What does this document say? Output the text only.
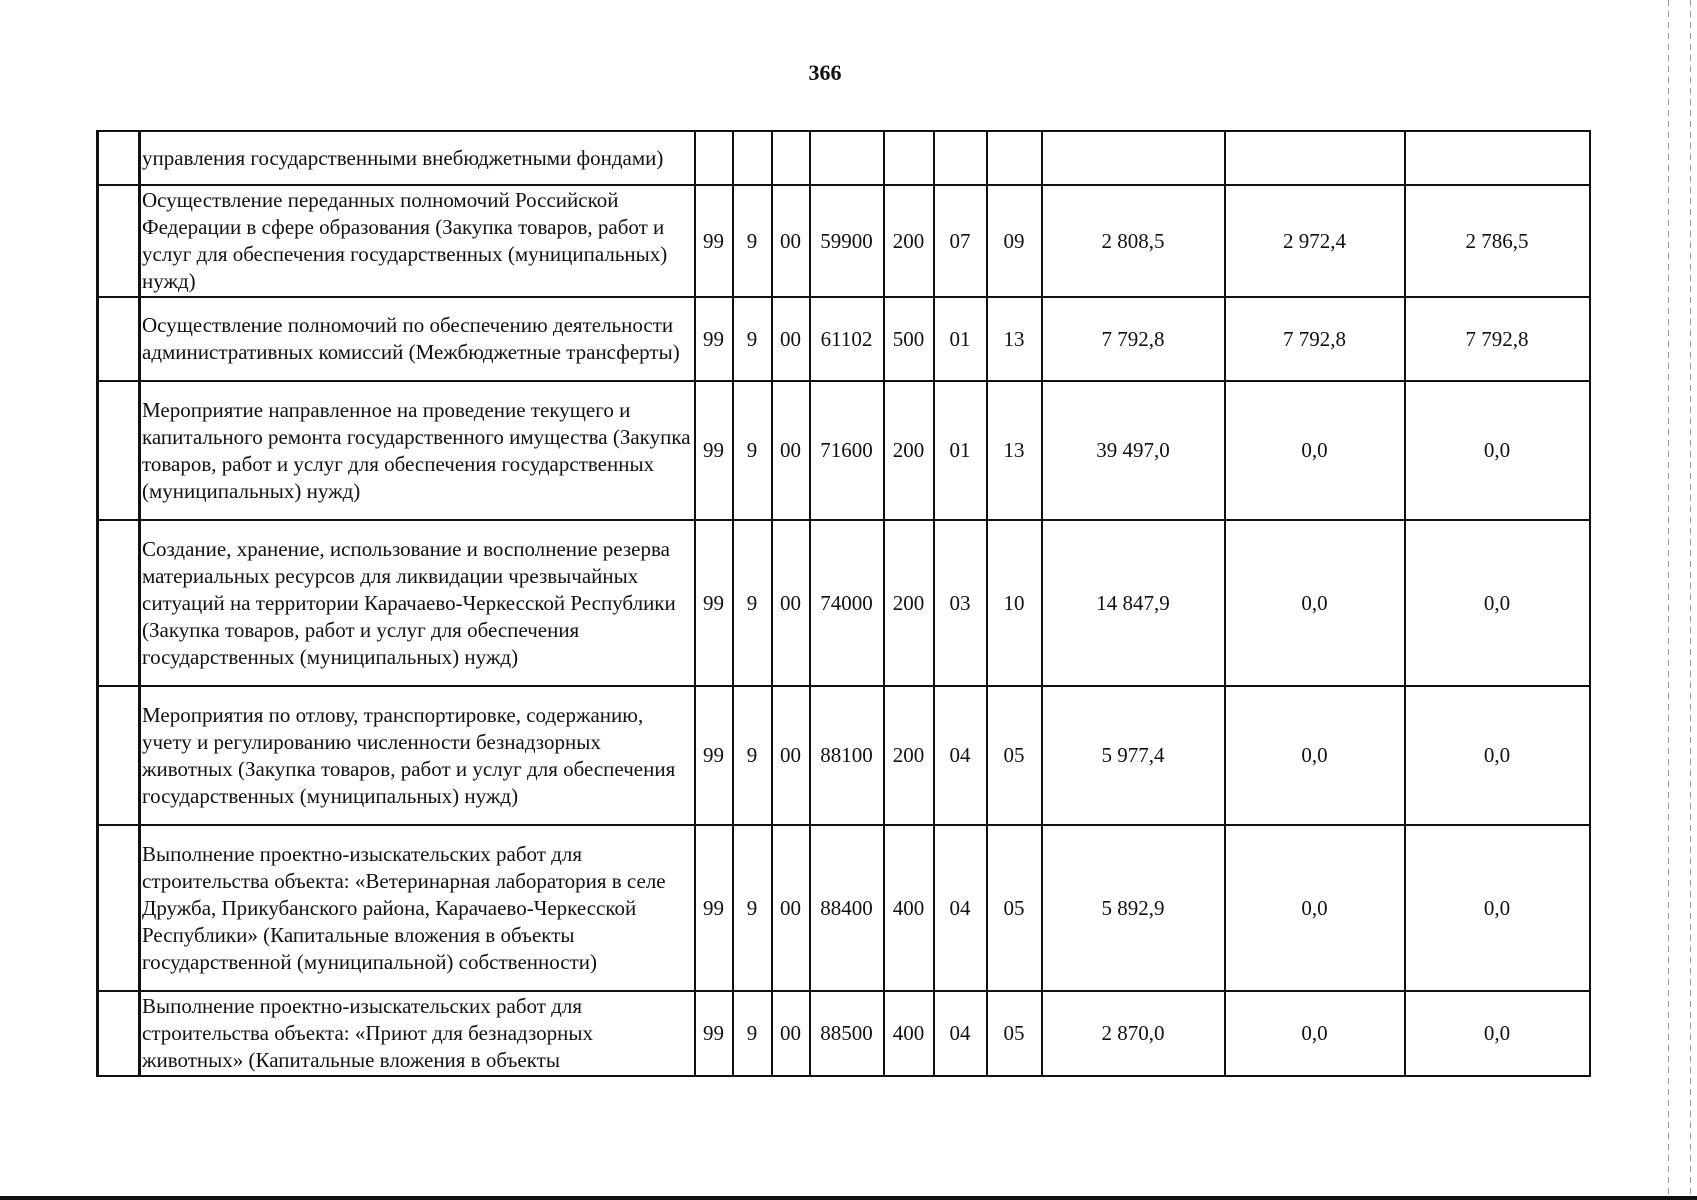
366
	управления государственными внебюджетными фондами)										
	Осуществление переданных полномочий Российской Федерации в сфере образования (Закупка товаров, работ и услуг для обеспечения государственных (муниципальных) нужд)	99	9	00	59900	200	07	09	2 808,5	2 972,4	2 786,5
	Осуществление полномочий по обеспечению деятельности административных комиссий (Межбюджетные трансферты)	99	9	00	61102	500	01	13	7 792,8	7 792,8	7 792,8
	Мероприятие направленное на проведение текущего и капитального ремонта государственного имущества (Закупка товаров, работ и услуг для обеспечения государственных (муниципальных) нужд)	99	9	00	71600	200	01	13	39 497,0	0,0	0,0
	Создание, хранение, использование и восполнение резерва материальных ресурсов для ликвидации чрезвычайных ситуаций на территории Карачаево-Черкесской Республики (Закупка товаров, работ и услуг для обеспечения государственных (муниципальных) нужд)	99	9	00	74000	200	03	10	14 847,9	0,0	0,0
	Мероприятия по отлову, транспортировке, содержанию, учету и регулированию численности безнадзорных животных (Закупка товаров, работ и услуг для обеспечения государственных (муниципальных) нужд)	99	9	00	88100	200	04	05	5 977,4	0,0	0,0
	Выполнение проектно-изыскательских работ для строительства объекта: «Ветеринарная лаборатория в селе Дружба, Прикубанского района, Карачаево-Черкесской Республики» (Капитальные вложения в объекты государственной (муниципальной) собственности)	99	9	00	88400	400	04	05	5 892,9	0,0	0,0
	Выполнение проектно-изыскательских работ для строительства объекта: «Приют для безнадзорных животных» (Капитальные вложения в объекты	99	9	00	88500	400	04	05	2 870,0	0,0	0,0
